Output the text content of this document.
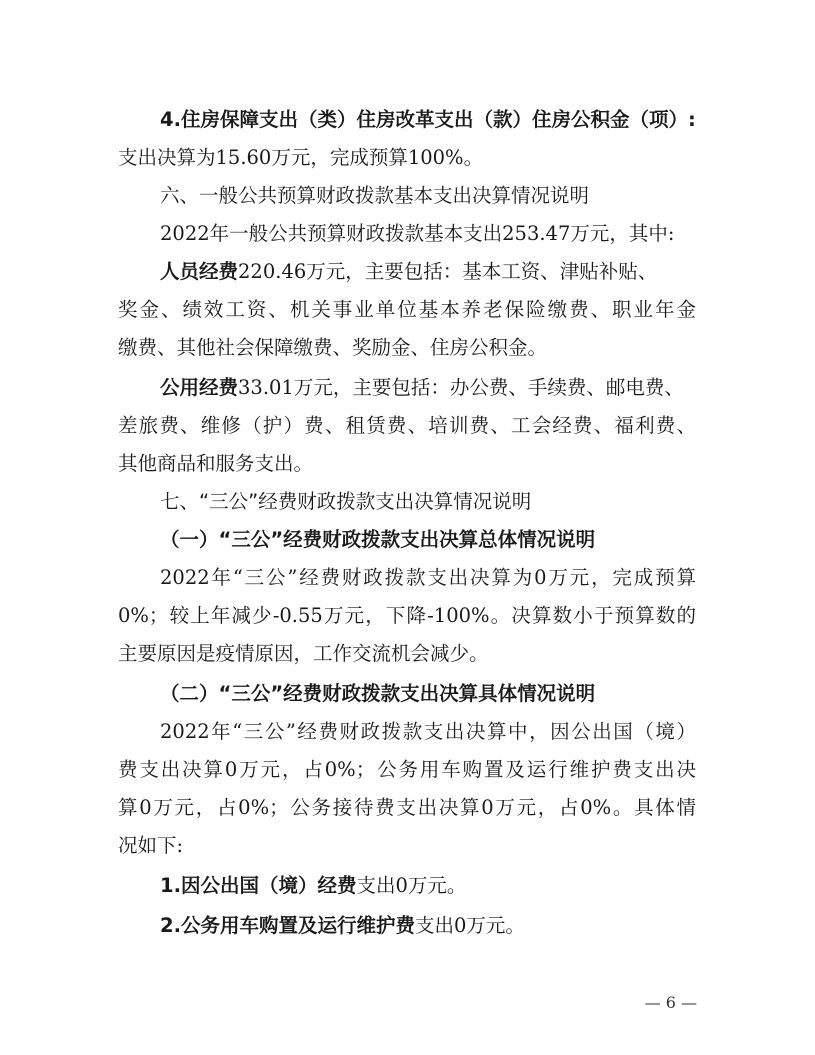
4.住房保障支出（类）住房改革支出（款）住房公积金（项）:
支出决算为15.60万元，完成预算100%。
六、一般公共预算财政拨款基本支出决算情况说明
2022年一般公共预算财政拨款基本支出253.47万元，其中:
人员经费220.46万元，主要包括：基本工资、津贴补贴、
奖金、绩效工资、机关事业单位基本养老保险缴费、职业年金
缴费、其他社会保障缴费、奖励金、住房公积金。
公用经费33.01万元，主要包括：办公费、手续费、邮电费、
差旅费、维修（护）费、租赁费、培训费、工会经费、福利费、
其他商品和服务支出。
七、“三公”经费财政拨款支出决算情况说明
（一）“三公”经费财政拨款支出决算总体情况说明
2022年“三公”经费财政拨款支出决算为0万元，完成预算
0%；较上年减少-0.55万元，下降-100%。决算数小于预算数的
主要原因是疫情原因，工作交流机会减少。
（二）“三公”经费财政拨款支出决算具体情况说明
2022年“三公”经费财政拨款支出决算中，因公出国（境）
费支出决算0万元，占0%；公务用车购置及运行维护费支出决
算0万元，占0%；公务接待费支出决算0万元，占0%。具体情
况如下:
1.因公出国（境）经费支出0万元。
2.公务用车购置及运行维护费支出0万元。
— 6 —
